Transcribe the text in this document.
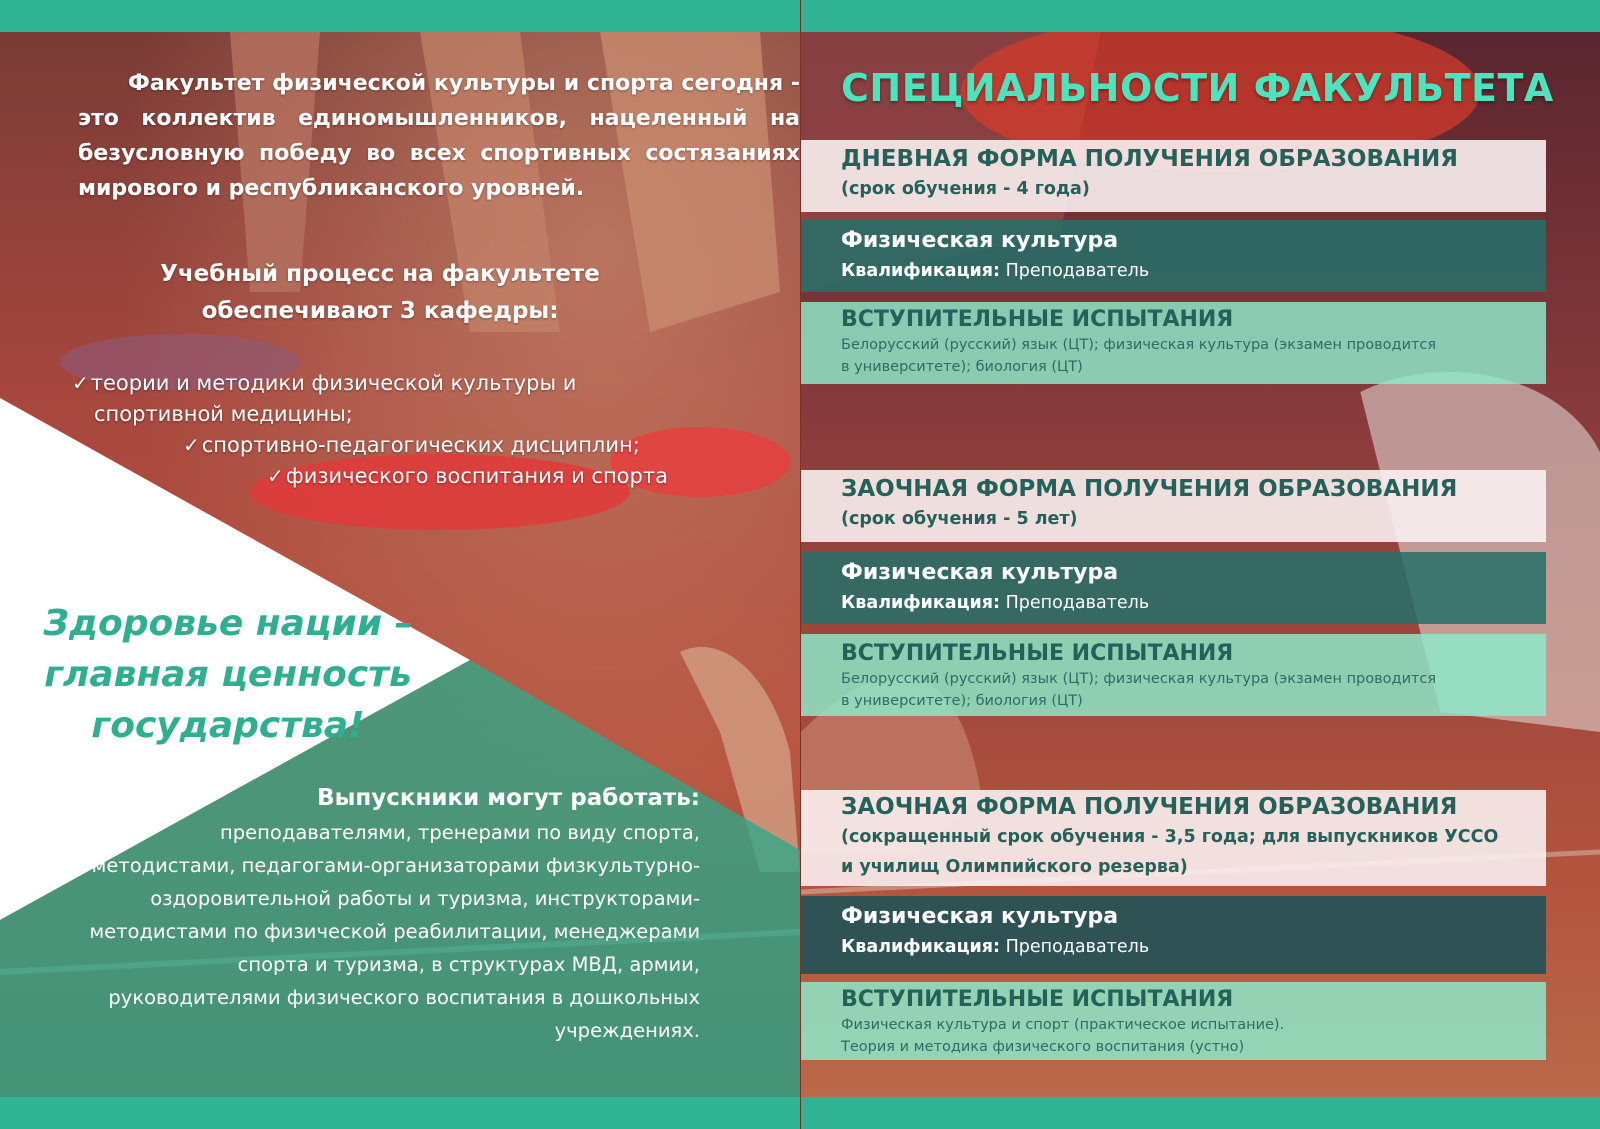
Факультет физической культуры и спорта сегодня - это коллектив единомышленников, нацеленный на безусловную победу во всех спортивных состязаниях мирового и республиканского уровней.
Учебный процесс на факультете обеспечивают 3 кафедры:
✓теории и методики физической культуры и
спортивной медицины;
✓спортивно-педагогических дисциплин;
✓физического воспитания и спорта
Здоровье нации – главная ценность государства!
Выпускники могут работать:
преподавателями, тренерами по виду спорта, методистами, педагогами-организаторами физкультурно-оздоровительной работы и туризма, инструкторами-методистами по физической реабилитации, менеджерами спорта и туризма, в структурах МВД, армии, руководителями физического воспитания в дошкольных учреждениях.
СПЕЦИАЛЬНОСТИ ФАКУЛЬТЕТА
ДНЕВНАЯ ФОРМА ПОЛУЧЕНИЯ ОБРАЗОВАНИЯ
(срок обучения - 4 года)
Физическая культура
Квалификация: Преподаватель
ВСТУПИТЕЛЬНЫЕ ИСПЫТАНИЯ
Белорусский (русский) язык (ЦТ); физическая культура (экзамен проводится
в университете); биология (ЦТ)
ЗАОЧНАЯ ФОРМА ПОЛУЧЕНИЯ ОБРАЗОВАНИЯ
(срок обучения - 5 лет)
Физическая культура
Квалификация: Преподаватель
ВСТУПИТЕЛЬНЫЕ ИСПЫТАНИЯ
Белорусский (русский) язык (ЦТ); физическая культура (экзамен проводится
в университете); биология (ЦТ)
ЗАОЧНАЯ ФОРМА ПОЛУЧЕНИЯ ОБРАЗОВАНИЯ
(сокращенный срок обучения - 3,5 года; для выпускников УССО
и училищ Олимпийского резерва)
Физическая культура
Квалификация: Преподаватель
ВСТУПИТЕЛЬНЫЕ ИСПЫТАНИЯ
Физическая культура и спорт (практическое испытание).
Теория и методика физического воспитания (устно)
